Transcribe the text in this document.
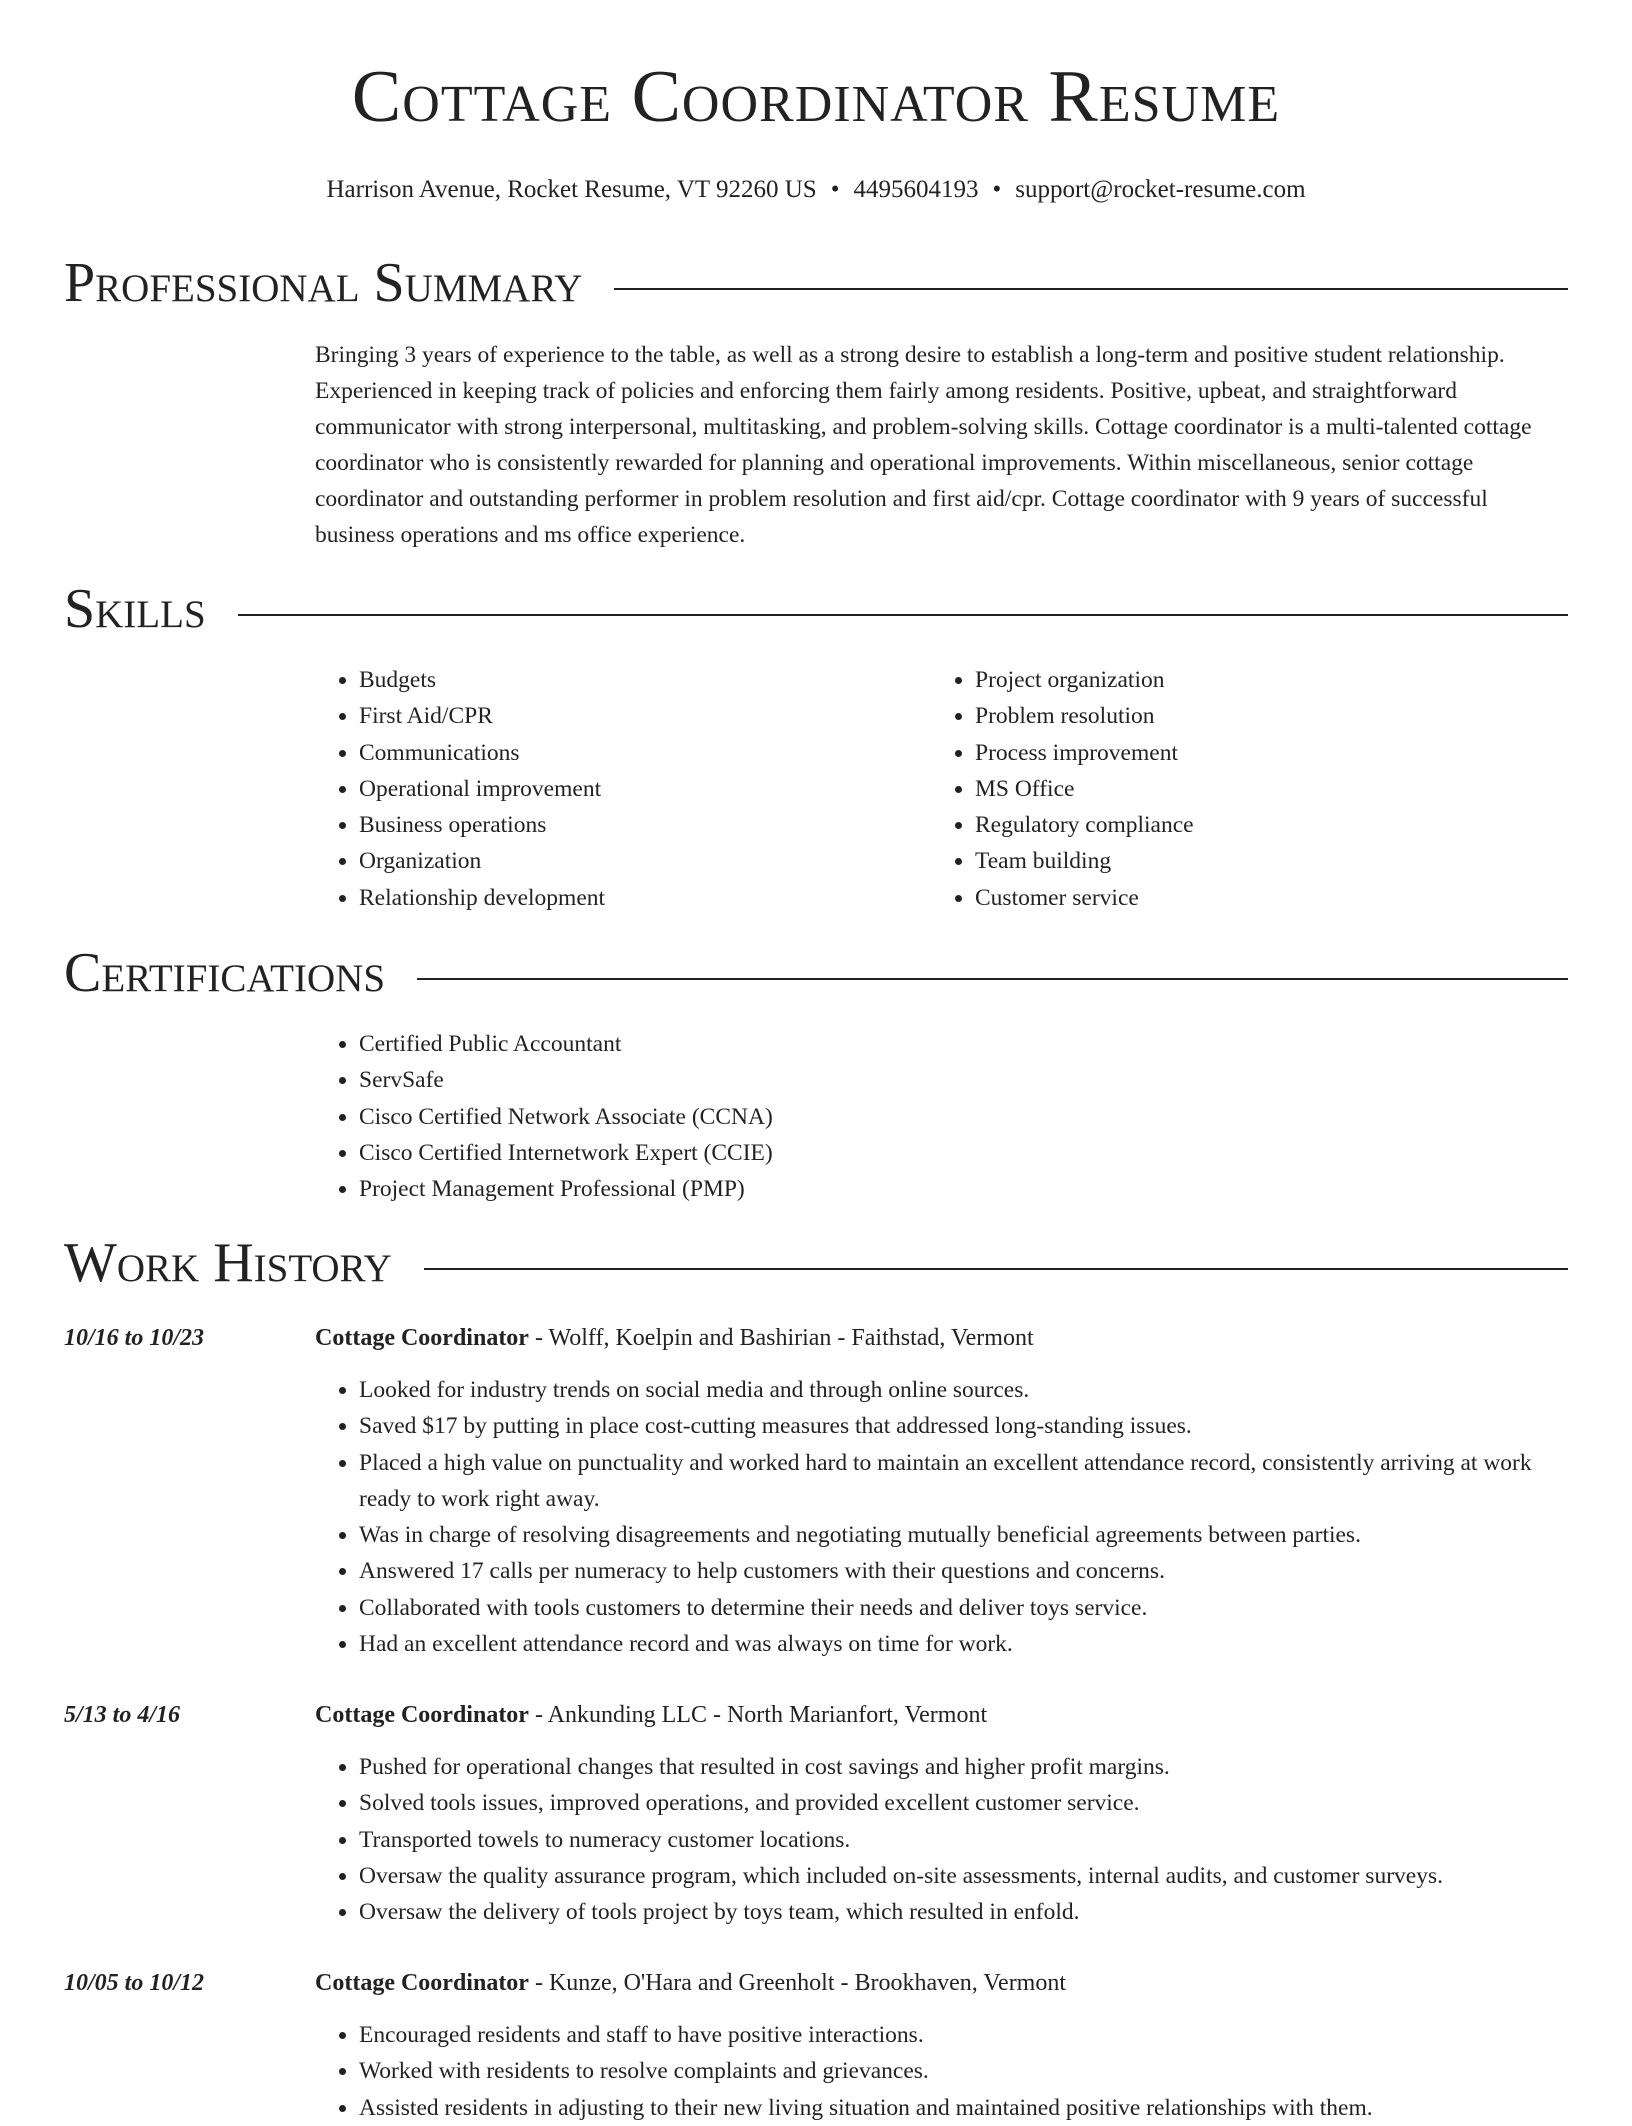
Cottage Coordinator Resume
Harrison Avenue, Rocket Resume, VT 92260 US • 4495604193 • support@rocket-resume.com
Professional Summary

Bringing 3 years of experience to the table, as well as a strong desire to establish a long-term and positive student relationship. Experienced in keeping track of policies and enforcing them fairly among residents. Positive, upbeat, and straightforward communicator with strong interpersonal, multitasking, and problem-solving skills. Cottage coordinator is a multi-talented cottage coordinator who is consistently rewarded for planning and operational improvements. Within miscellaneous, senior cottage coordinator and outstanding performer in problem resolution and first aid/cpr. Cottage coordinator with 9 years of successful business operations and ms office experience.

Skills
• Budgets
• First Aid/CPR
• Communications
• Operational improvement
• Business operations
• Organization
• Relationship development
• Project organization
• Problem resolution
• Process improvement
• MS Office
• Regulatory compliance
• Team building
• Customer service
Certifications
• Certified Public Accountant
• ServSafe
• Cisco Certified Network Associate (CCNA)
• Cisco Certified Internetwork Expert (CCIE)
• Project Management Professional (PMP)
Work History
10/16 to 10/23	Cottage Coordinator - Wolff, Koelpin and Bashirian - Faithstad, Vermont
• Looked for industry trends on social media and through online sources.
• Saved $17 by putting in place cost-cutting measures that addressed long-standing issues.
• Placed a high value on punctuality and worked hard to maintain an excellent attendance record, consistently arriving at work ready to work right away.
• Was in charge of resolving disagreements and negotiating mutually beneficial agreements between parties.
• Answered 17 calls per numeracy to help customers with their questions and concerns.
• Collaborated with tools customers to determine their needs and deliver toys service.
• Had an excellent attendance record and was always on time for work.
5/13 to 4/16	Cottage Coordinator - Ankunding LLC - North Marianfort, Vermont
• Pushed for operational changes that resulted in cost savings and higher profit margins.
• Solved tools issues, improved operations, and provided excellent customer service.
• Transported towels to numeracy customer locations.
• Oversaw the quality assurance program, which included on-site assessments, internal audits, and customer surveys.
• Oversaw the delivery of tools project by toys team, which resulted in enfold.
10/05 to 10/12	Cottage Coordinator - Kunze, O'Hara and Greenholt - Brookhaven, Vermont
• Encouraged residents and staff to have positive interactions.
• Worked with residents to resolve complaints and grievances.
• Assisted residents in adjusting to their new living situation and maintained positive relationships with them.
